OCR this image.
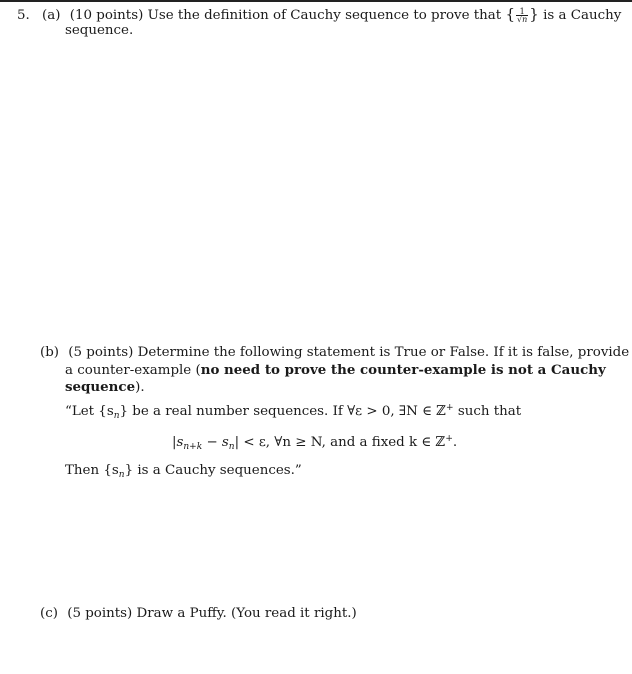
5. (a) (10 points) Use the definition of Cauchy sequence to prove that { $\frac{1}{√n}$ } is a Cauchy
sequence.
(b) (5 points) Determine the following statement is True or False. If it is false, provide
a counter-example (no need to prove the counter-example is not a Cauchy
sequence).
“Let $\{s_n\}$ be a real number sequences. If ∀ε > 0, ∃N ∈ ℤ+ such that
$|s_{n+k} - s_n| < \varepsilon$, ∀n ≥ N, and a fixed k ∈ ℤ+.
Then $\{s_n\}$ is a Cauchy sequences.”
(c) (5 points) Draw a Puffy. (You read it right.)
